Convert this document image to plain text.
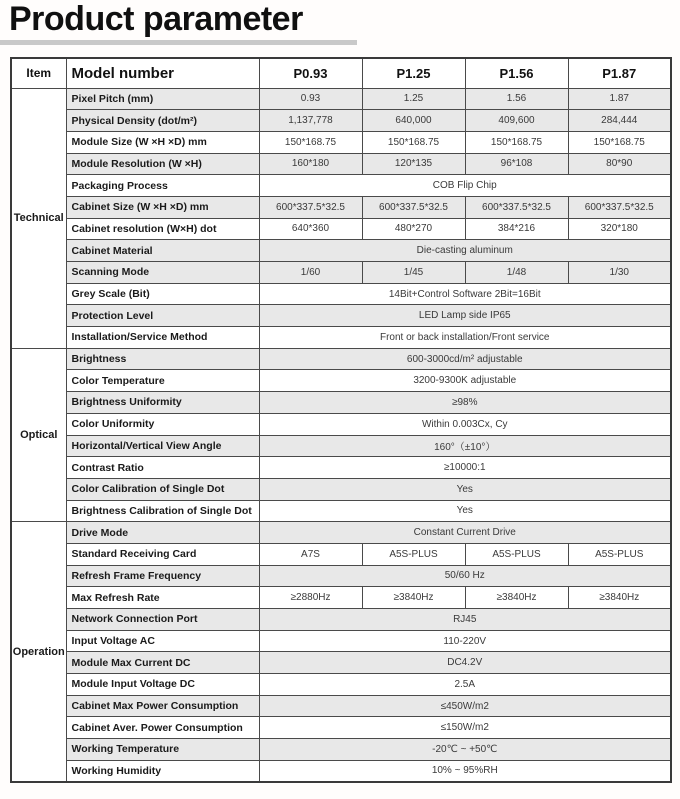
Product parameter
Item	Model number	P0.93	P1.25	P1.56	P1.87
Technical	Pixel Pitch (mm)	0.93	1.25	1.56	1.87
	Physical Density (dot/m²)	1,137,778	640,000	409,600	284,444
	Module Size (W ×H ×D) mm	150*168.75	150*168.75	150*168.75	150*168.75
	Module Resolution (W ×H)	160*180	120*135	96*108	80*90
	Packaging Process	COB Flip Chip			
	Cabinet Size (W ×H ×D) mm	600*337.5*32.5	600*337.5*32.5	600*337.5*32.5	600*337.5*32.5
	Cabinet resolution (W×H) dot	640*360	480*270	384*216	320*180
	Cabinet Material	Die-casting aluminum			
	Scanning Mode	1/60	1/45	1/48	1/30
	Grey Scale (Bit)	14Bit+Control Software 2Bit=16Bit			
	Protection Level	LED Lamp side IP65			
	Installation/Service Method	Front or back installation/Front service			
Optical	Brightness	600-3000cd/m² adjustable			
	Color Temperature	3200-9300K adjustable			
	Brightness Uniformity	≥98%			
	Color Uniformity	Within 0.003Cx, Cy			
	Horizontal/Vertical View Angle	160°（±10°）			
	Contrast Ratio	≥10000:1			
	Color Calibration of Single Dot	Yes			
	Brightness Calibration of Single Dot	Yes			
Operation	Drive Mode	Constant Current Drive			
	Standard Receiving Card	A7S	A5S-PLUS	A5S-PLUS	A5S-PLUS
	Refresh Frame Frequency	50/60 Hz			
	Max Refresh Rate	≥2880Hz	≥3840Hz	≥3840Hz	≥3840Hz
	Network Connection Port	RJ45			
	Input Voltage AC	110-220V			
	Module Max Current DC	DC4.2V			
	Module Input Voltage DC	2.5A			
	Cabinet Max Power Consumption	≤450W/m2			
	Cabinet Aver. Power Consumption	≤150W/m2			
	Working Temperature	-20℃ ~ +50℃			
	Working Humidity	10% ~ 95%RH			
